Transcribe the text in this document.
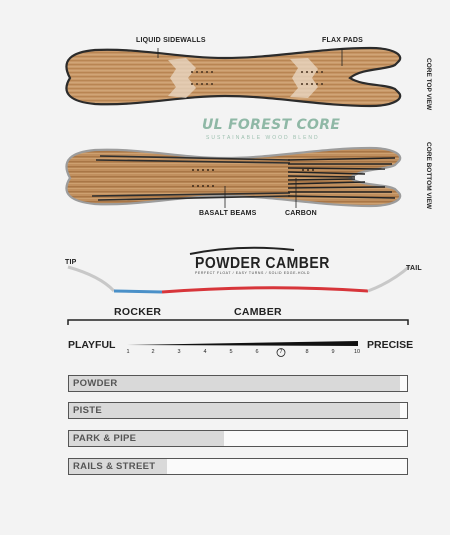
LIQUID SIDEWALLS	FLAX PADS
CORE TOP VIEW
CORE BOTTOM VIEW
UL FOREST CORE
SUSTAINABLE WOOD BLEND
BASALT BEAMS	CARBON
POWDER CAMBER
PERFECT FLOAT / EASY TURNS / SOLID EDGE-HOLD
TIP
TAIL
ROCKER	CAMBER
PLAYFUL	PRECISE
1	2	3	4	5	6	7	8	9	10
POWDER
PISTE
PARK & PIPE
RAILS & STREET
